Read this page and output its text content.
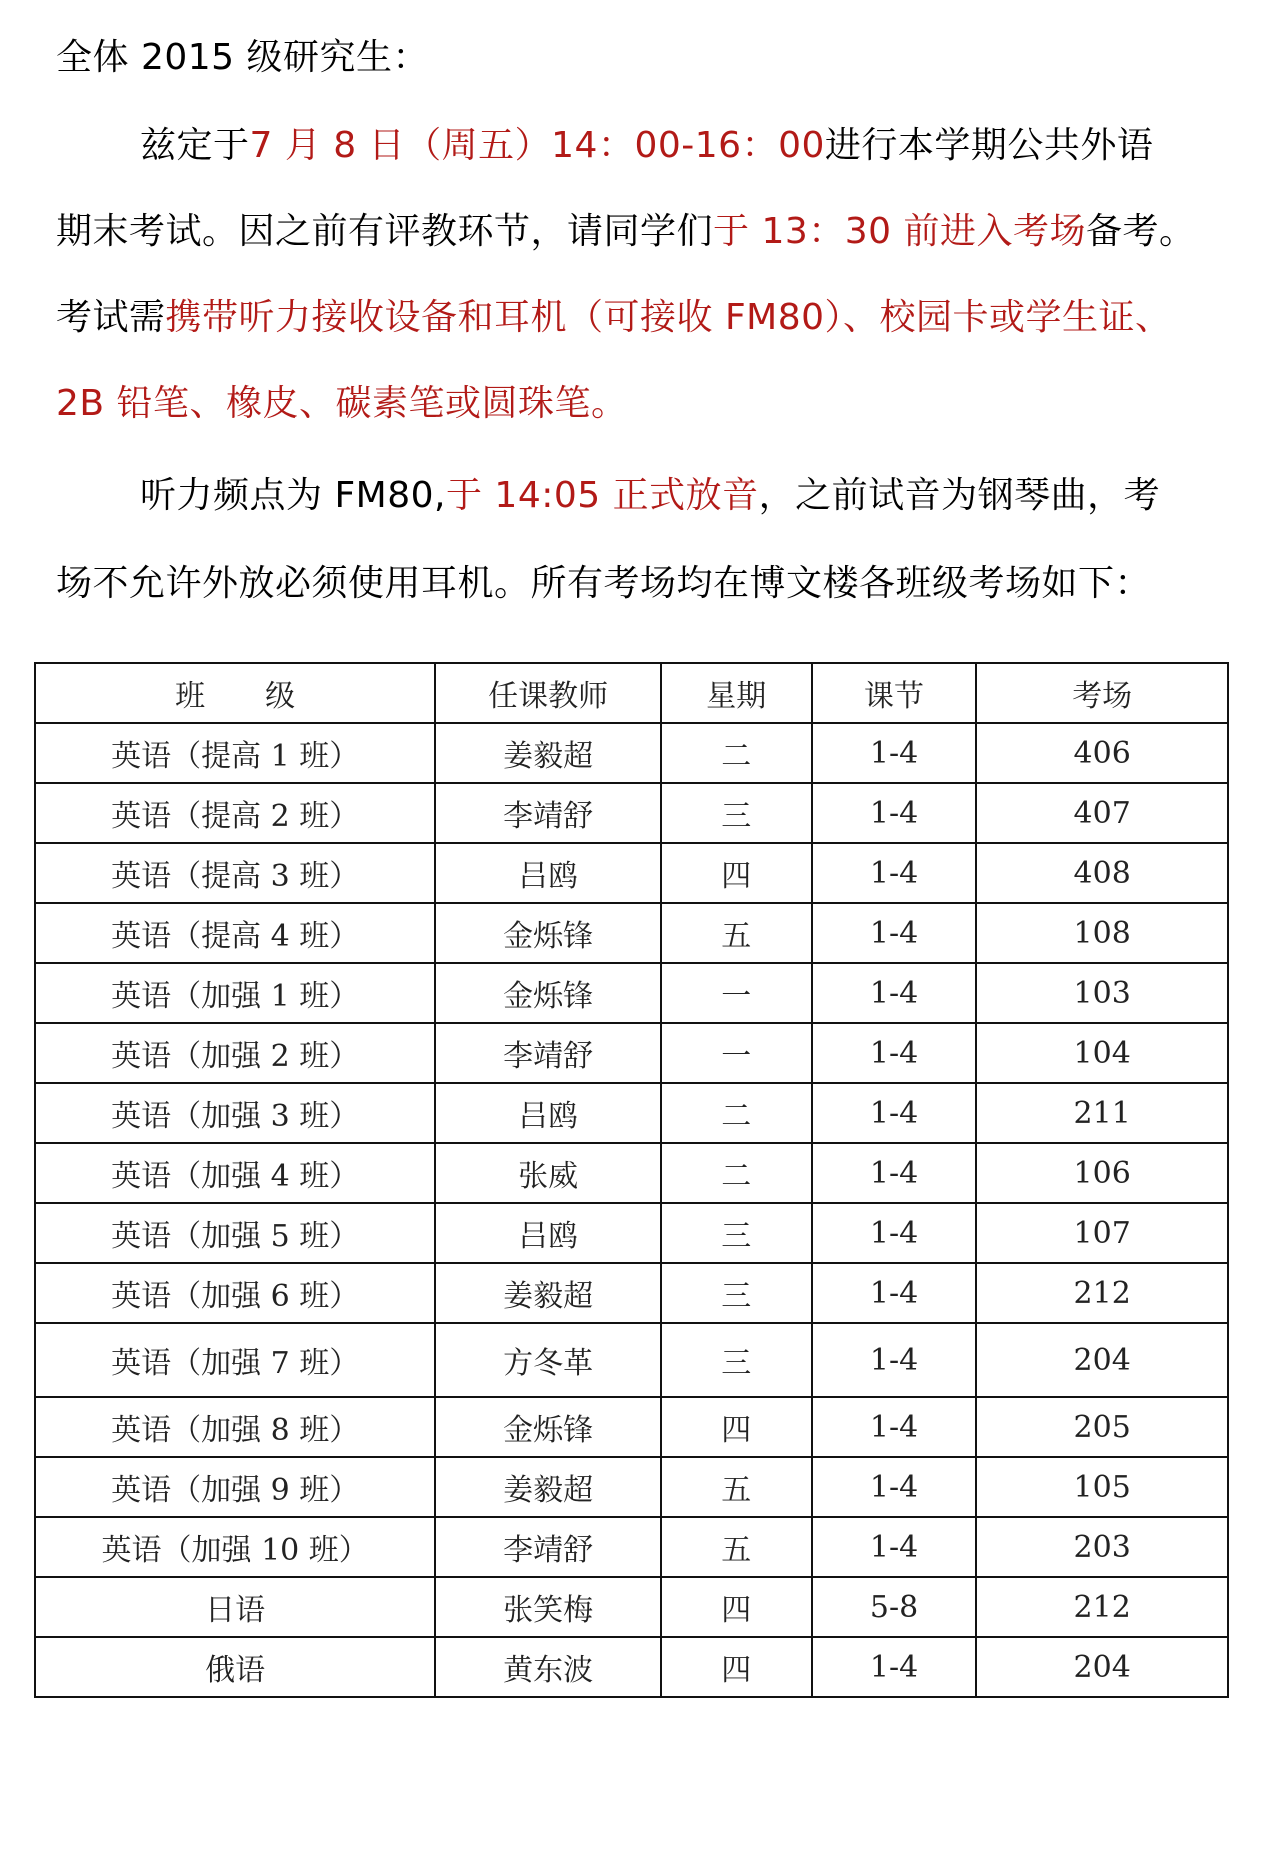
全体 2015 级研究生：
兹定于7 月 8 日（周五）14：00-16：00进行本学期公共外语
期末考试。因之前有评教环节，请同学们于 13：30 前进入考场备考。
考试需携带听力接收设备和耳机（可接收 FM80）、校园卡或学生证、
2B 铅笔、橡皮、碳素笔或圆珠笔。
听力频点为 FM80,于 14:05 正式放音，之前试音为钢琴曲，考
场不允许外放必须使用耳机。所有考场均在博文楼各班级考场如下：
班　　级	任课教师	星期	课节	考场
英语（提高 1 班）	姜毅超	二	1-4	406
英语（提高 2 班）	李靖舒	三	1-4	407
英语（提高 3 班）	吕鸥	四	1-4	408
英语（提高 4 班）	金烁锋	五	1-4	108
英语（加强 1 班）	金烁锋	一	1-4	103
英语（加强 2 班）	李靖舒	一	1-4	104
英语（加强 3 班）	吕鸥	二	1-4	211
英语（加强 4 班）	张威	二	1-4	106
英语（加强 5 班）	吕鸥	三	1-4	107
英语（加强 6 班）	姜毅超	三	1-4	212
英语（加强 7 班）	方冬革	三	1-4	204
英语（加强 8 班）	金烁锋	四	1-4	205
英语（加强 9 班）	姜毅超	五	1-4	105
英语（加强 10 班）	李靖舒	五	1-4	203
日语	张笑梅	四	5-8	212
俄语	黄东波	四	1-4	204
